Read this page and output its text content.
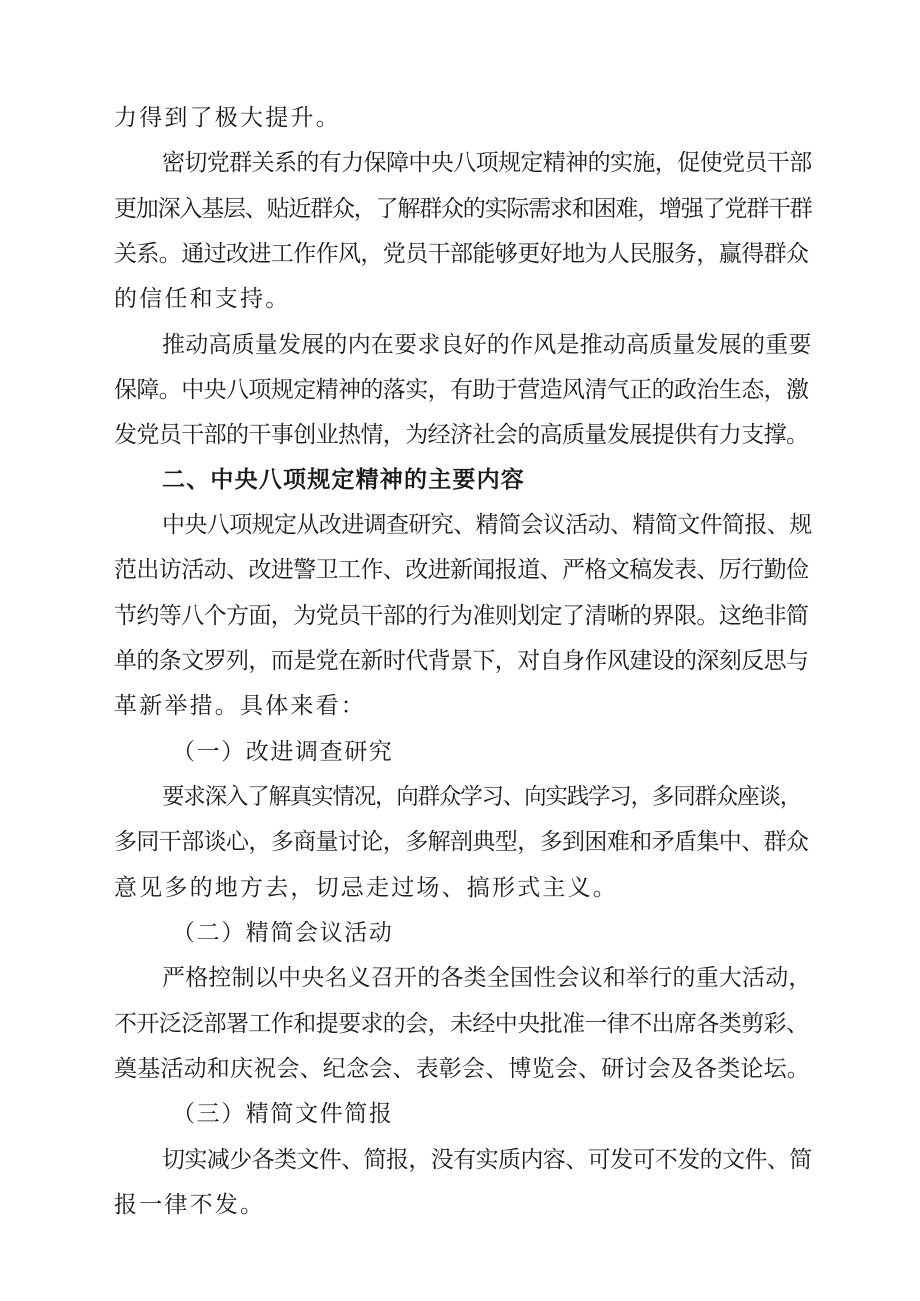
力得到了极大提升。
密切党群关系的有力保障中央八项规定精神的实施，促使党员干部
更加深入基层、贴近群众，了解群众的实际需求和困难，增强了党群干群
关系。通过改进工作作风，党员干部能够更好地为人民服务，赢得群众
的信任和支持。
推动高质量发展的内在要求良好的作风是推动高质量发展的重要
保障。中央八项规定精神的落实，有助于营造风清气正的政治生态，激
发党员干部的干事创业热情，为经济社会的高质量发展提供有力支撑。
二、中央八项规定精神的主要内容
中央八项规定从改进调查研究、精简会议活动、精简文件简报、规
范出访活动、改进警卫工作、改进新闻报道、严格文稿发表、厉行勤俭
节约等八个方面，为党员干部的行为准则划定了清晰的界限。这绝非简
单的条文罗列，而是党在新时代背景下，对自身作风建设的深刻反思与
革新举措。具体来看：
（一）改进调查研究
要求深入了解真实情况，向群众学习、向实践学习，多同群众座谈，
多同干部谈心，多商量讨论，多解剖典型，多到困难和矛盾集中、群众
意见多的地方去，切忌走过场、搞形式主义。
（二）精简会议活动
严格控制以中央名义召开的各类全国性会议和举行的重大活动，
不开泛泛部署工作和提要求的会，未经中央批准一律不出席各类剪彩、
奠基活动和庆祝会、纪念会、表彰会、博览会、研讨会及各类论坛。
（三）精简文件简报
切实减少各类文件、简报，没有实质内容、可发可不发的文件、简
报一律不发。
